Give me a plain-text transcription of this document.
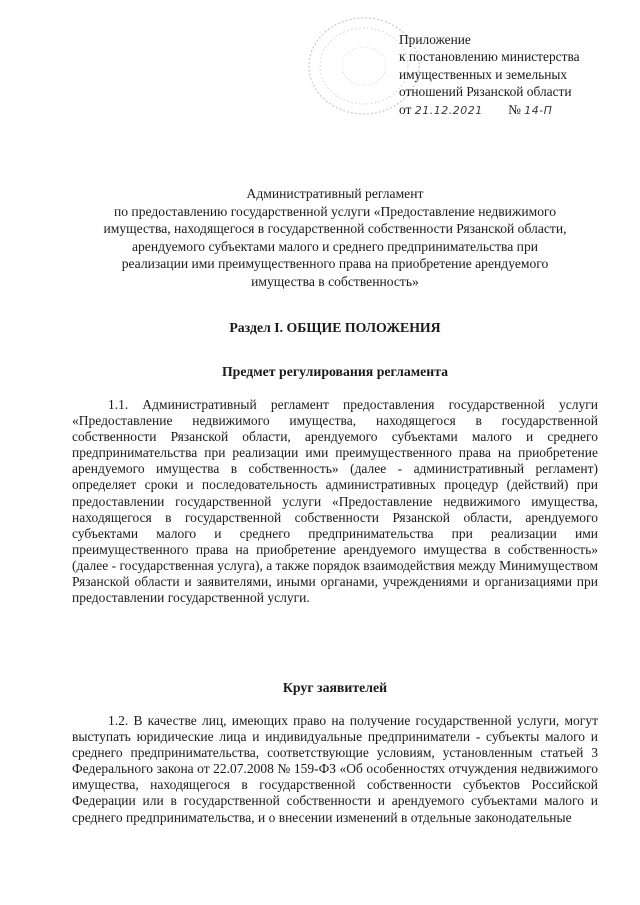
Приложение
к постановлению министерства
имущественных и земельных
отношений Рязанской области
от 21.12.2021 № 14-П
Административный регламент
по предоставлению государственной услуги «Предоставление недвижимого
имущества, находящегося в государственной собственности Рязанской области,
арендуемого субъектами малого и среднего предпринимательства при
реализации ими преимущественного права на приобретение арендуемого
имущества в собственность»
Раздел I. ОБЩИЕ ПОЛОЖЕНИЯ
Предмет регулирования регламента
1.1. Административный регламент предоставления государственной услуги «Предоставление недвижимого имущества, находящегося в государственной собственности Рязанской области, арендуемого субъектами малого и среднего предпринимательства при реализации ими преимущественного права на приобретение арендуемого имущества в собственность» (далее - административный регламент) определяет сроки и последовательность административных процедур (действий) при предоставлении государственной услуги «Предоставление недвижимого имущества, находящегося в государственной собственности Рязанской области, арендуемого субъектами малого и среднего предпринимательства при реализации ими преимущественного права на приобретение арендуемого имущества в собственность» (далее - государственная услуга), а также порядок взаимодействия между Минимуществом Рязанской области и заявителями, иными органами, учреждениями и организациями при предоставлении государственной услуги.
Круг заявителей
1.2. В качестве лиц, имеющих право на получение государственной услуги, могут выступать юридические лица и индивидуальные предприниматели - субъекты малого и среднего предпринимательства, соответствующие условиям, установленным статьей 3 Федерального закона от 22.07.2008 № 159-ФЗ «Об особенностях отчуждения недвижимого имущества, находящегося в государственной собственности субъектов Российской Федерации или в государственной собственности и арендуемого субъектами малого и среднего предпринимательства, и о внесении изменений в отдельные законодательные
